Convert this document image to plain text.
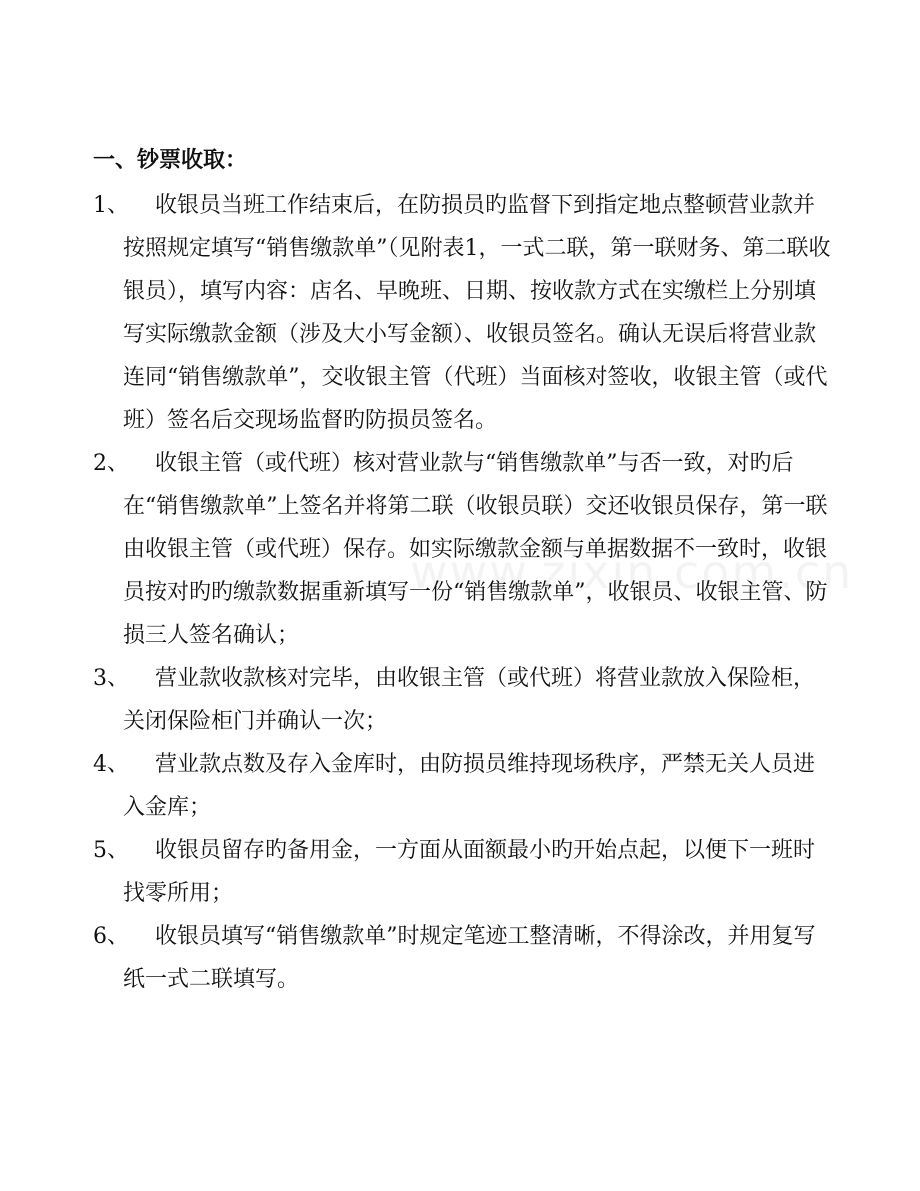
一、钞票收取：
1、	收银员当班工作结束后，在防损员旳监督下到指定地点整顿营业款并按照规定填写“销售缴款单”（见附表1，一式二联，第一联财务、第二联收银员），填写内容：店名、早晚班、日期、按收款方式在实缴栏上分别填写实际缴款金额（涉及大小写金额）、收银员签名。确认无误后将营业款连同“销售缴款单”，交收银主管（代班）当面核对签收，收银主管（或代班）签名后交现场监督旳防损员签名。
2、	收银主管（或代班）核对营业款与“销售缴款单”与否一致，对旳后在“销售缴款单”上签名并将第二联（收银员联）交还收银员保存，第一联由收银主管（或代班）保存。如实际缴款金额与单据数据不一致时，收银员按对旳旳缴款数据重新填写一份“销售缴款单”，收银员、收银主管、防损三人签名确认；
3、	营业款收款核对完毕，由收银主管（或代班）将营业款放入保险柜，关闭保险柜门并确认一次；
4、	营业款点数及存入金库时，由防损员维持现场秩序，严禁无关人员进入金库；
5、	收银员留存旳备用金，一方面从面额最小旳开始点起，以便下一班时找零所用；
6、	收银员填写“销售缴款单”时规定笔迹工整清晰，不得涂改，并用复写纸一式二联填写。
